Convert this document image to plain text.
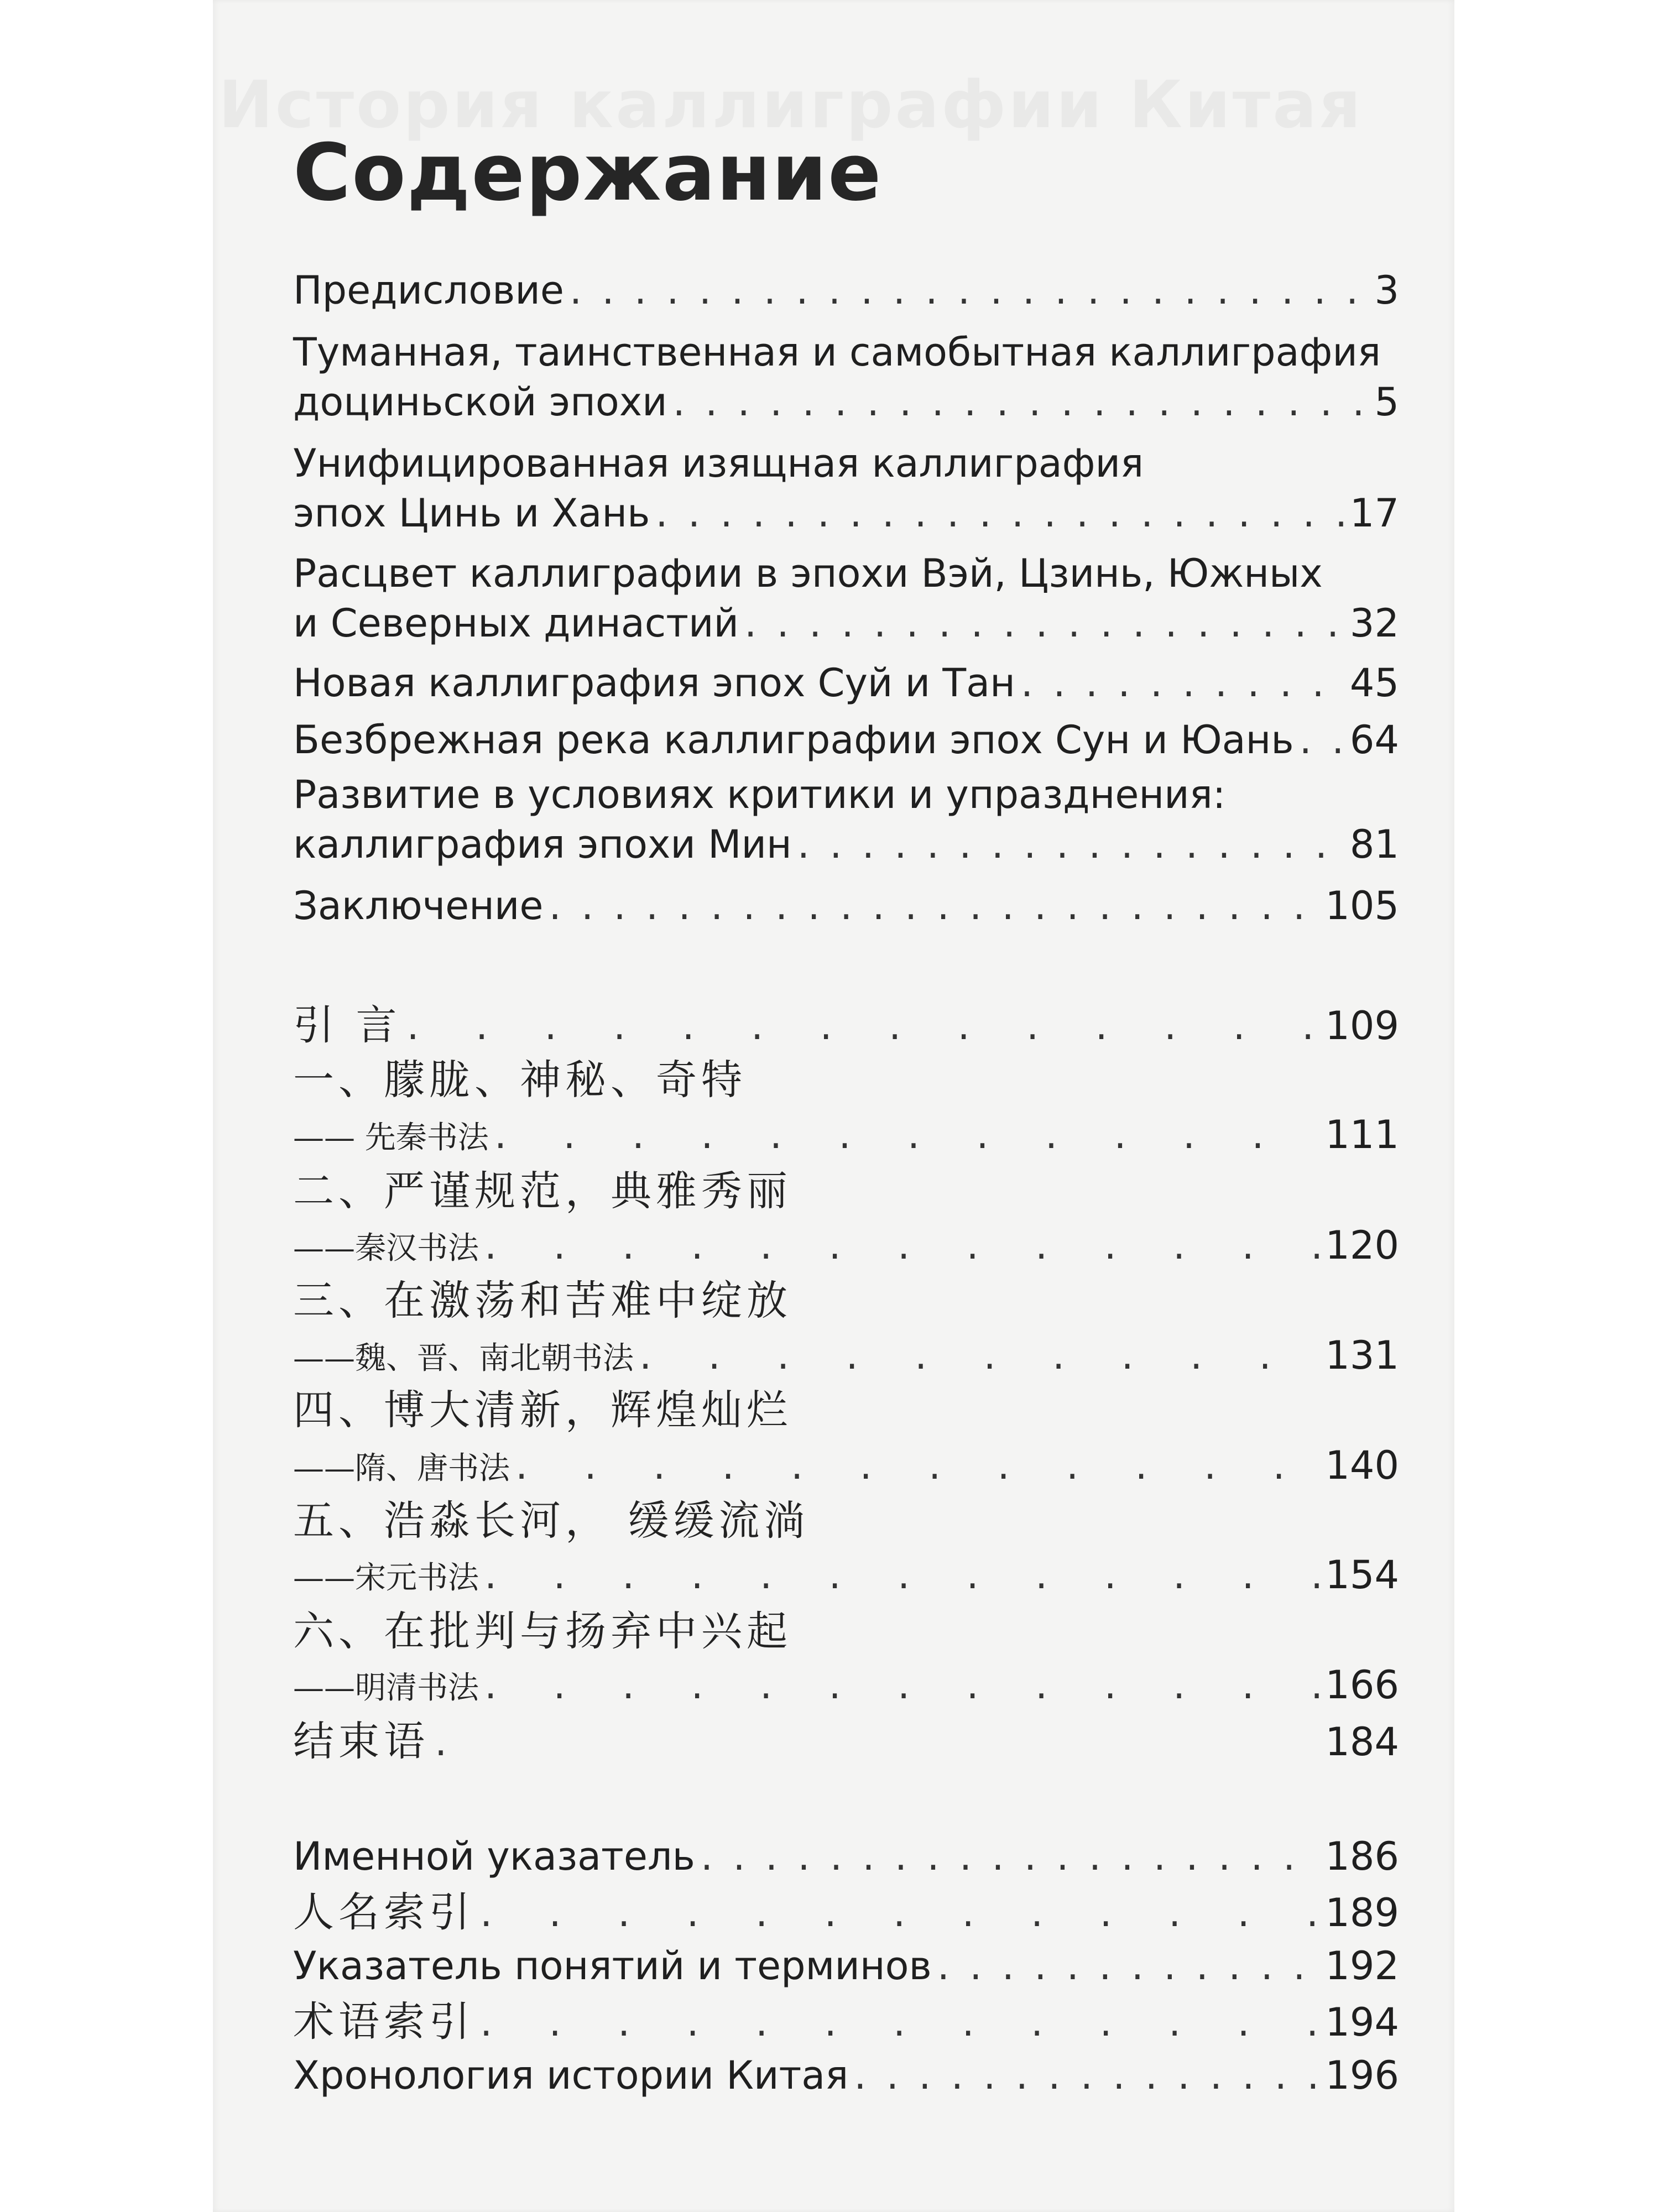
История каллиграфии Китая
Содержание
Предисловие . . .	3
Туманная, таинственная и самобытная каллиграфия
доциньской эпохи . . .	5
Унифицированная изящная каллиграфия
эпох Цинь и Хань . . .	17
Расцвет каллиграфии в эпохи Вэй, Цзинь, Южных
и Северных династий . . .	32
Новая каллиграфия эпох Суй и Тан . . .	45
Безбрежная река каллиграфии эпох Сун и Юань . . . 64
Развитие в условиях критики и упразднения:
каллиграфия эпохи Мин . . .	81
Заключение . . .	105
引 言 . . .	109
一、朦胧、神秘、奇特
—— 先秦书法 . . .	111
二、严谨规范，典雅秀丽
——秦汉书法 . . .	120
三、在激荡和苦难中绽放
——魏、晋、南北朝书法 . . .	131
四、博大清新，辉煌灿烂
——隋、唐书法 . . .	140
五、浩淼长河， 缓缓流淌
——宋元书法 . . .	154
六、在批判与扬弃中兴起
——明清书法 . . .	166
结束语 . . .	184
Именной указатель . . .	186
人名索引 . . .	189
Указатель понятий и терминов . . .	192
术语索引 . . .	194
Хронология истории Китая . . .	196
